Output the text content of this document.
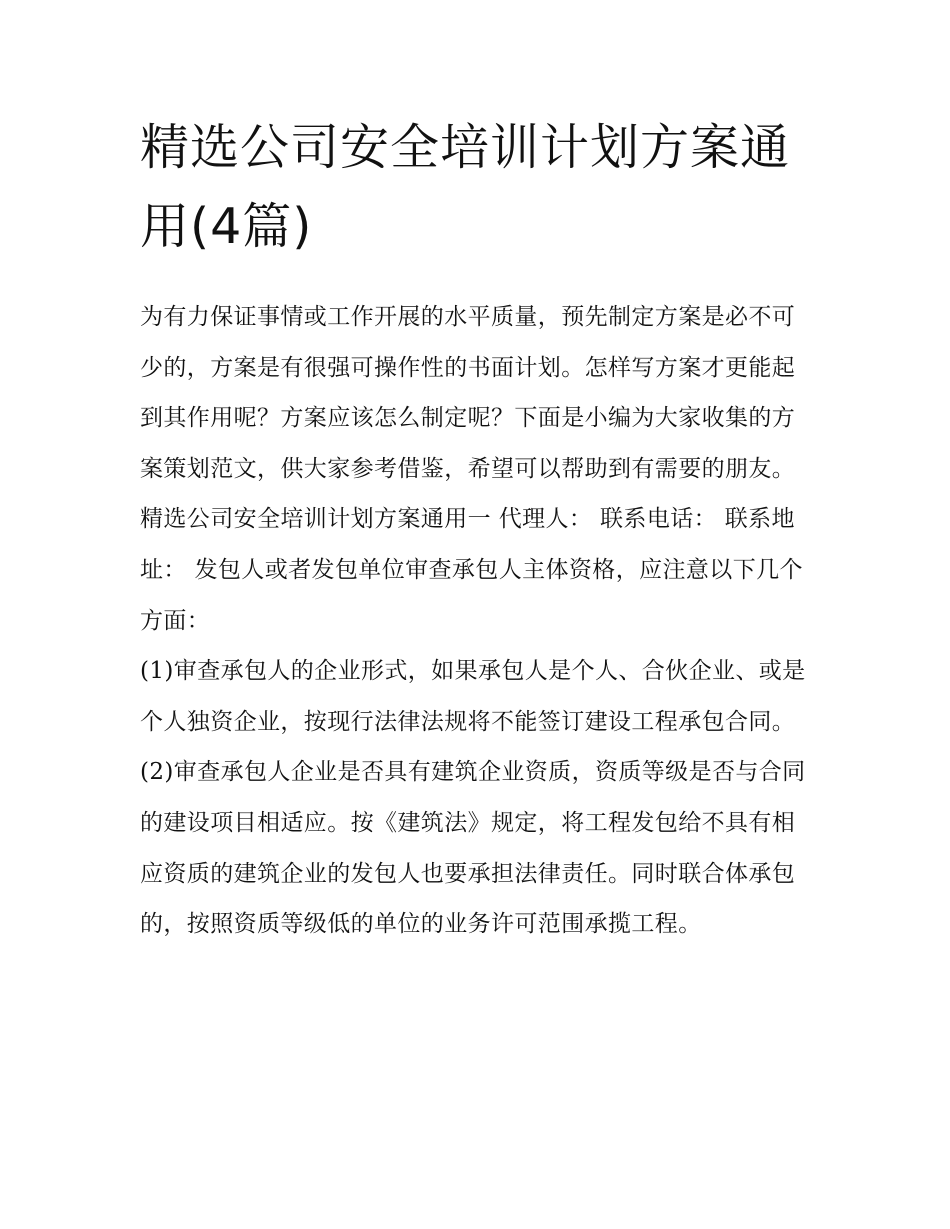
精选公司安全培训计划方案通用(4篇)

为有力保证事情或工作开展的水平质量，预先制定方案是必不可少的，方案是有很强可操作性的书面计划。怎样写方案才更能起到其作用呢？方案应该怎么制定呢？下面是小编为大家收集的方案策划范文，供大家参考借鉴，希望可以帮助到有需要的朋友。

精选公司安全培训计划方案通用一 代理人： 联系电话： 联系地址： 发包人或者发包单位审查承包人主体资格，应注意以下几个方面：

(1)审查承包人的企业形式，如果承包人是个人、合伙企业、或是个人独资企业，按现行法律法规将不能签订建设工程承包合同。

(2)审查承包人企业是否具有建筑企业资质，资质等级是否与合同的建设项目相适应。按《建筑法》规定，将工程发包给不具有相应资质的建筑企业的发包人也要承担法律责任。同时联合体承包的，按照资质等级低的单位的业务许可范围承揽工程。
